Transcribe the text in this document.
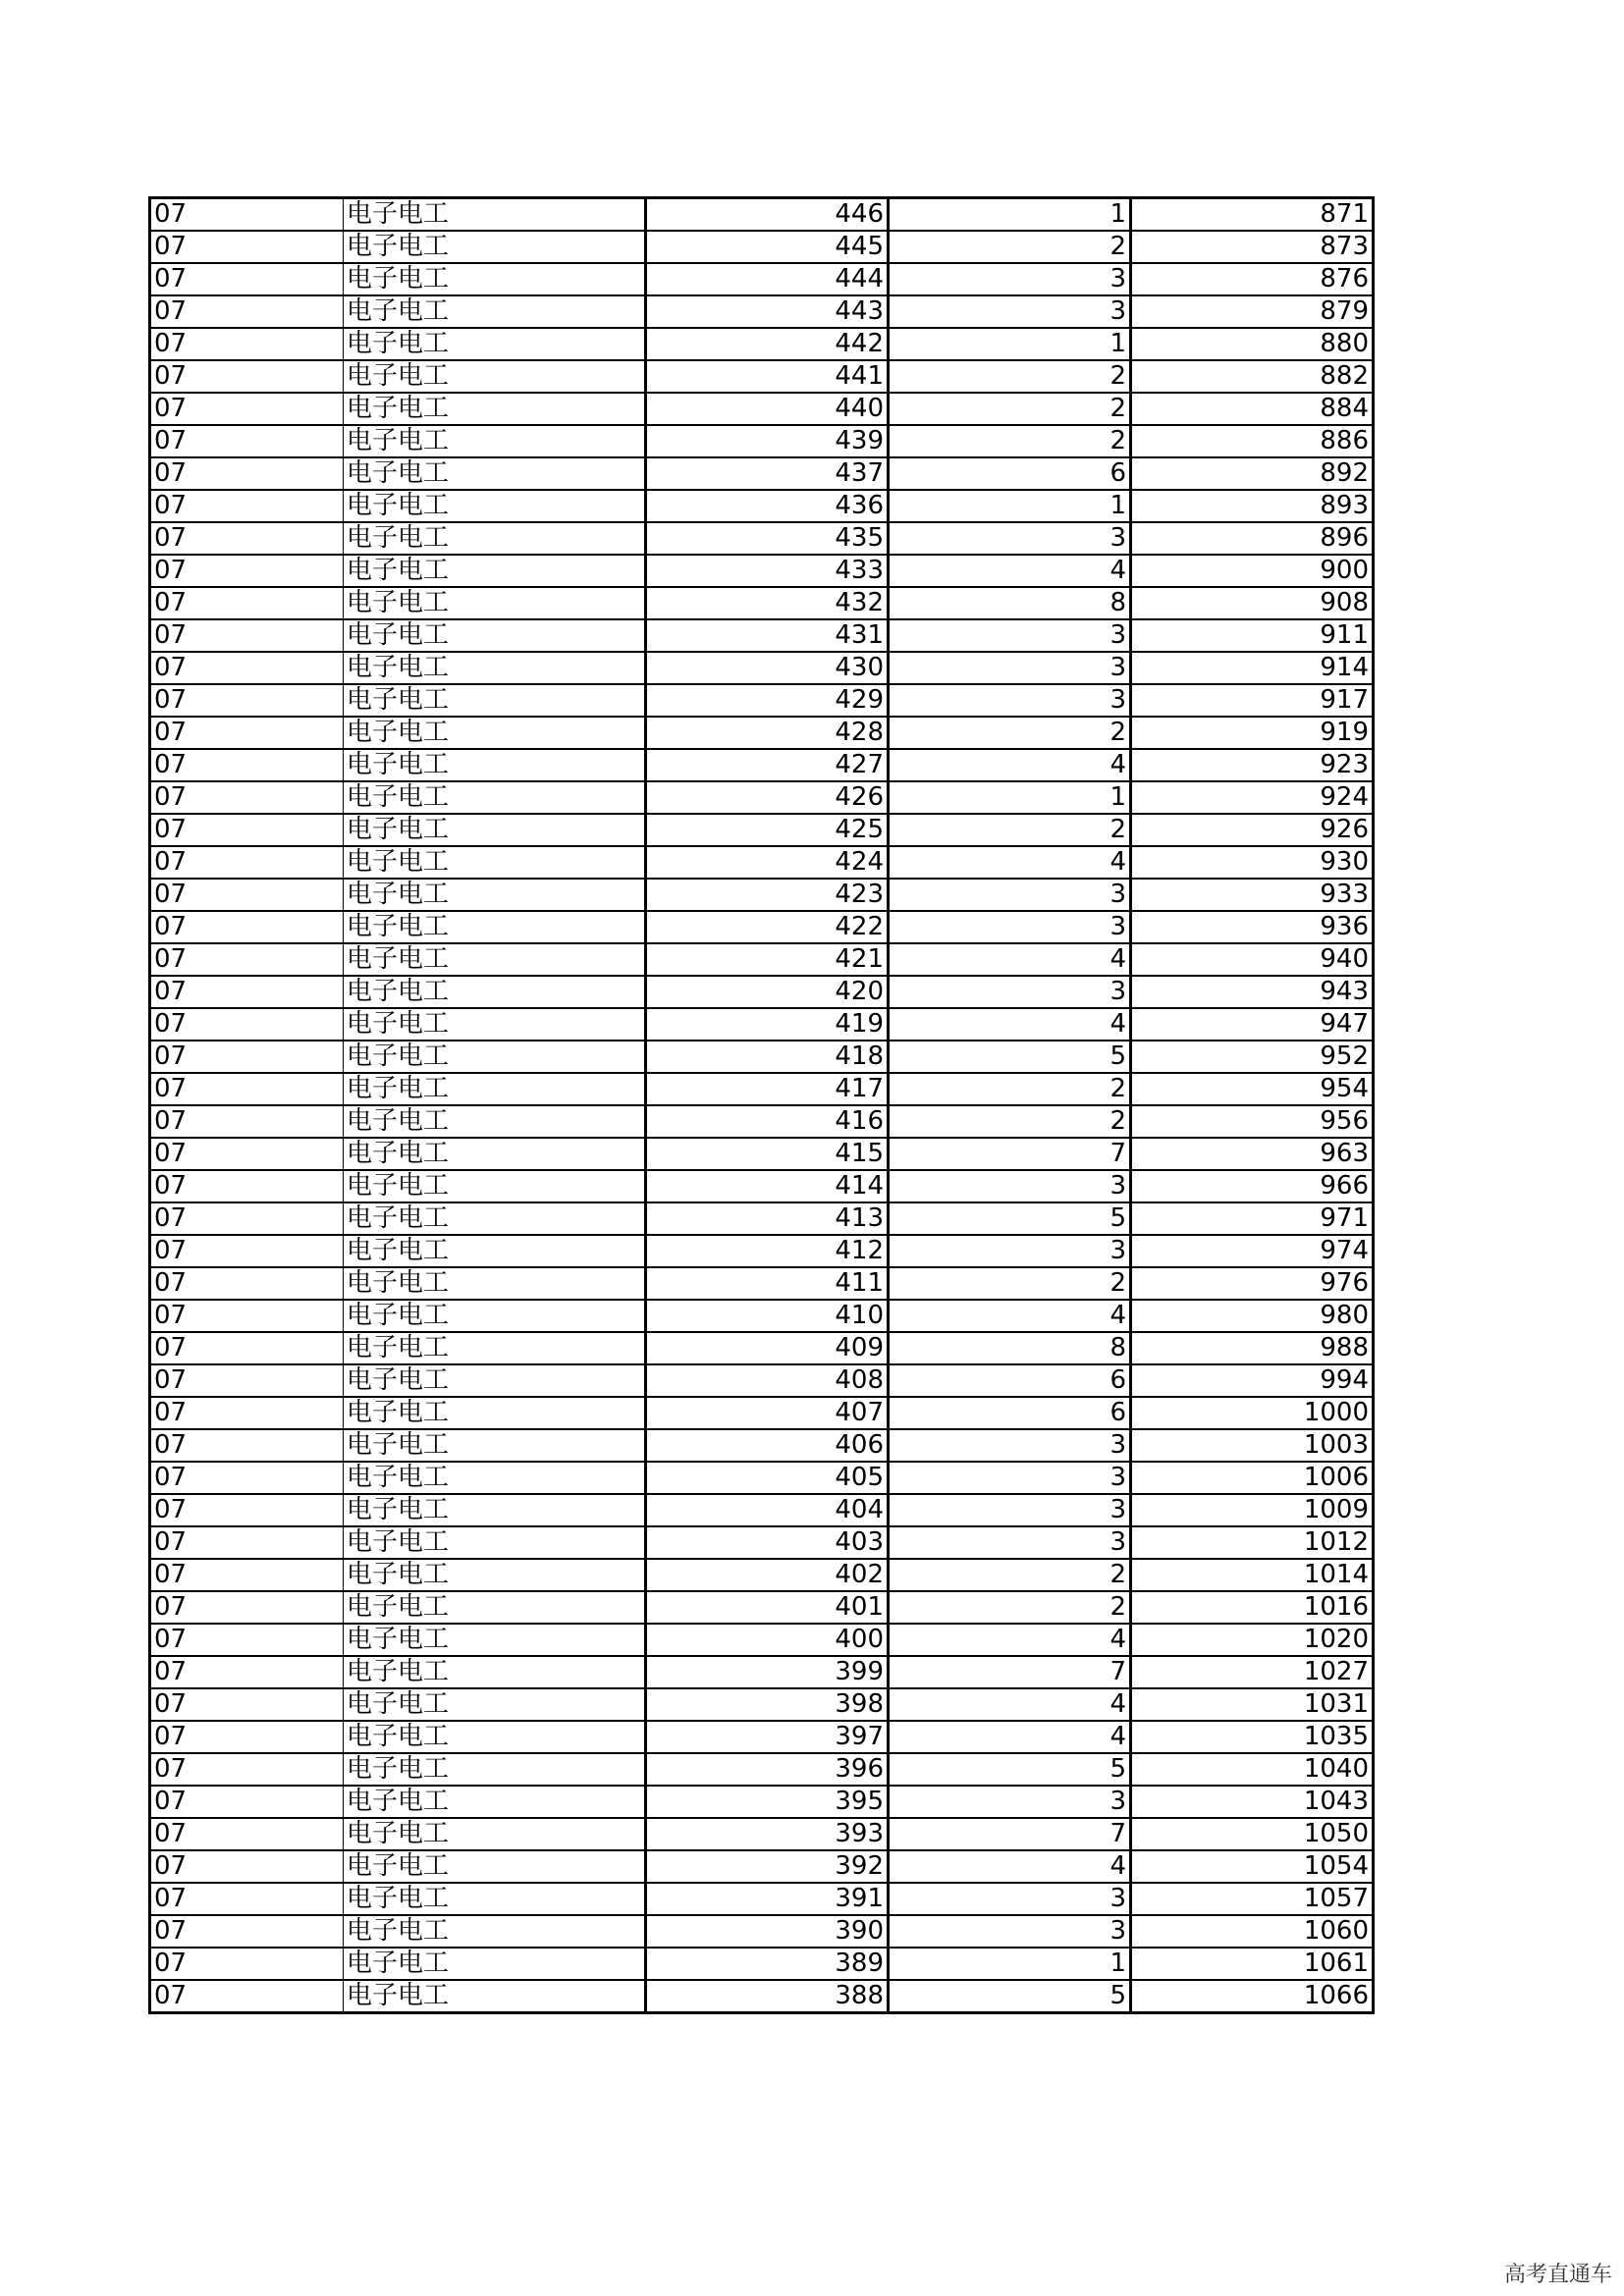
07	电子电工	446	1	871
07	电子电工	445	2	873
07	电子电工	444	3	876
07	电子电工	443	3	879
07	电子电工	442	1	880
07	电子电工	441	2	882
07	电子电工	440	2	884
07	电子电工	439	2	886
07	电子电工	437	6	892
07	电子电工	436	1	893
07	电子电工	435	3	896
07	电子电工	433	4	900
07	电子电工	432	8	908
07	电子电工	431	3	911
07	电子电工	430	3	914
07	电子电工	429	3	917
07	电子电工	428	2	919
07	电子电工	427	4	923
07	电子电工	426	1	924
07	电子电工	425	2	926
07	电子电工	424	4	930
07	电子电工	423	3	933
07	电子电工	422	3	936
07	电子电工	421	4	940
07	电子电工	420	3	943
07	电子电工	419	4	947
07	电子电工	418	5	952
07	电子电工	417	2	954
07	电子电工	416	2	956
07	电子电工	415	7	963
07	电子电工	414	3	966
07	电子电工	413	5	971
07	电子电工	412	3	974
07	电子电工	411	2	976
07	电子电工	410	4	980
07	电子电工	409	8	988
07	电子电工	408	6	994
07	电子电工	407	6	1000
07	电子电工	406	3	1003
07	电子电工	405	3	1006
07	电子电工	404	3	1009
07	电子电工	403	3	1012
07	电子电工	402	2	1014
07	电子电工	401	2	1016
07	电子电工	400	4	1020
07	电子电工	399	7	1027
07	电子电工	398	4	1031
07	电子电工	397	4	1035
07	电子电工	396	5	1040
07	电子电工	395	3	1043
07	电子电工	393	7	1050
07	电子电工	392	4	1054
07	电子电工	391	3	1057
07	电子电工	390	3	1060
07	电子电工	389	1	1061
07	电子电工	388	5	1066
高考直通车
